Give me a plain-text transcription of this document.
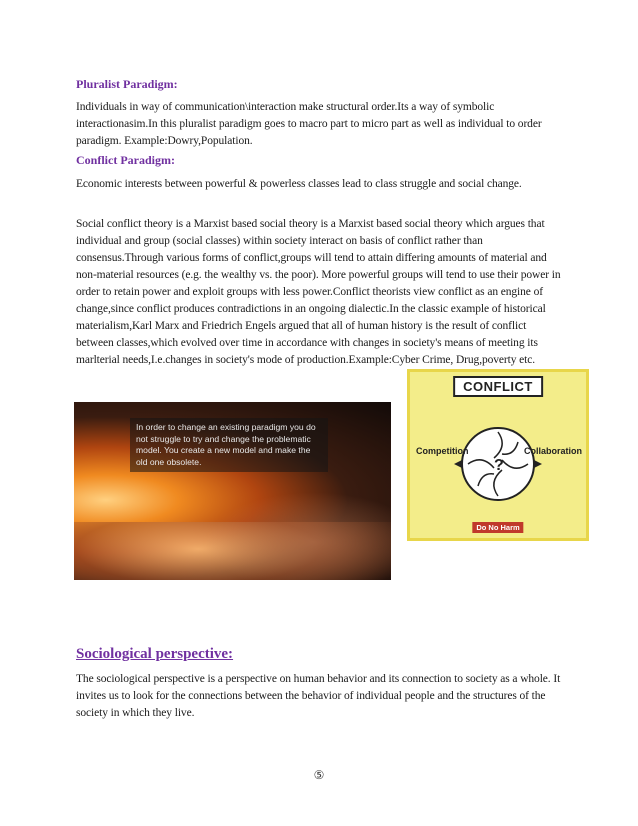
Pluralist Paradigm:

Individuals in way of communication\interaction make structural order.Its a way of symbolic interactionasim.In this pluralist paradigm goes to macro part to micro part as well as individual to order paradigm. Example:Dowry,Population.

Conflict Paradigm:

Economic interests between powerful & powerless classes lead to class struggle and social change.

Social conflict theory is a Marxist based social theory is a Marxist based social theory which argues that individual and group (social classes) within society interact on basis of conflict rather than consensus.Through various forms of conflict,groups will tend to attain differing amounts of material and non-material resources (e.g. the wealthy vs. the poor). More powerful groups will tend to use their power in order to retain power and exploit groups with less power.Conflict theorists view conflict as an engine of change,since conflict produces contradictions in an ongoing dialectic.In the classic example of historical materialism,Karl Marx and Friedrich Engels argued that all of human history is the result of conflict between classes,which evolved over time in accordance with changes in society's means of meeting its marlterial needs,I.e.changes in society's mode of production.Example:Cyber Crime, Drug,poverty etc.

In order to change an existing paradigm you do not struggle to try and change the problematic model. You create a new model and make the old one obsolete.	?
CONFLICT
Competition	Collaboration
Do No Harm
Sociological perspective:

The sociological perspective is a perspective on human behavior and its connection to society as a whole. It invites us to look for the connections between the behavior of individual people and the structures of the society in which they live.

⑤
